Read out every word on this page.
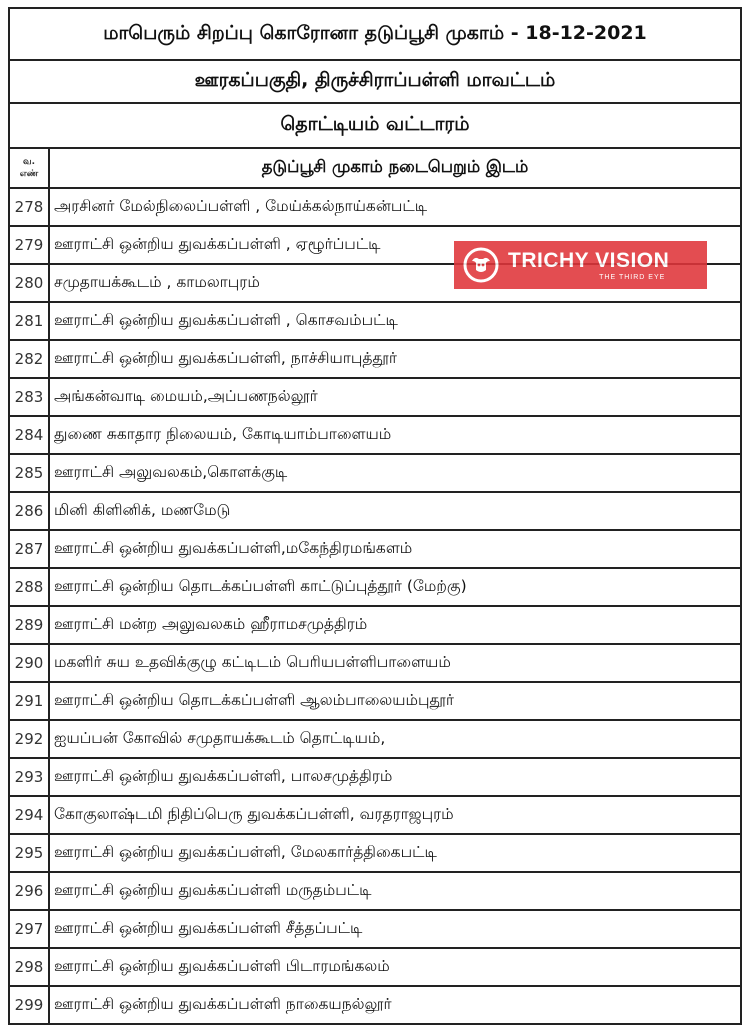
மாபெரும் சிறப்பு கொரோனா தடுப்பூசி முகாம் - 18-12-2021
ஊரகப்பகுதி, திருச்சிராப்பள்ளி மாவட்டம்
தொட்டியம் வட்டாரம்
வ.
எண்	தடுப்பூசி முகாம் நடைபெறும் இடம்
278 அரசினர் மேல்நிலைப்பள்ளி , மேய்க்கல்நாய்கன்பட்டி
279 ஊராட்சி ஒன்றிய துவக்கப்பள்ளி , ஏழூர்ப்பட்டி
280 சமுதாயக்கூடம் , காமலாபுரம்
281 ஊராட்சி ஒன்றிய துவக்கப்பள்ளி , கொசவம்பட்டி
282 ஊராட்சி ஒன்றிய துவக்கப்பள்ளி, நாச்சியாபுத்தூர்
283 அங்கன்வாடி மையம்,அப்பணநல்லூர்
284 துணை சுகாதார நிலையம், கோடியாம்பாளையம்
285 ஊராட்சி அலுவலகம்,கொளக்குடி
286 மினி கிளினிக், மணமேடு
287 ஊராட்சி ஒன்றிய துவக்கப்பள்ளி,மகேந்திரமங்களம்
288 ஊராட்சி ஒன்றிய தொடக்கப்பள்ளி காட்டுப்புத்தூர் (மேற்கு)
289 ஊராட்சி மன்ற அலுவலகம் ஹீராமசமுத்திரம்
290 மகளிர் சுய உதவிக்குழு கட்டிடம் பெரியபள்ளிபாளையம்
291 ஊராட்சி ஒன்றிய தொடக்கப்பள்ளி ஆலம்பாலையம்புதூர்
292 ஐயப்பன் கோவில் சமுதாயக்கூடம் தொட்டியம்,
293 ஊராட்சி ஒன்றிய துவக்கப்பள்ளி, பாலசமுத்திரம்
294 கோகுலாஷ்டமி நிதிப்பெரு துவக்கப்பள்ளி, வரதராஜபுரம்
295 ஊராட்சி ஒன்றிய துவக்கப்பள்ளி, மேலகார்த்திகைபட்டி
296 ஊராட்சி ஒன்றிய துவக்கப்பள்ளி மருதம்பட்டி
297 ஊராட்சி ஒன்றிய துவக்கப்பள்ளி சீத்தப்பட்டி
298 ஊராட்சி ஒன்றிய துவக்கப்பள்ளி பிடாரமங்கலம்
299 ஊராட்சி ஒன்றிய துவக்கப்பள்ளி நாகையநல்லூர்
TRICHY VISION
THE THIRD EYE
